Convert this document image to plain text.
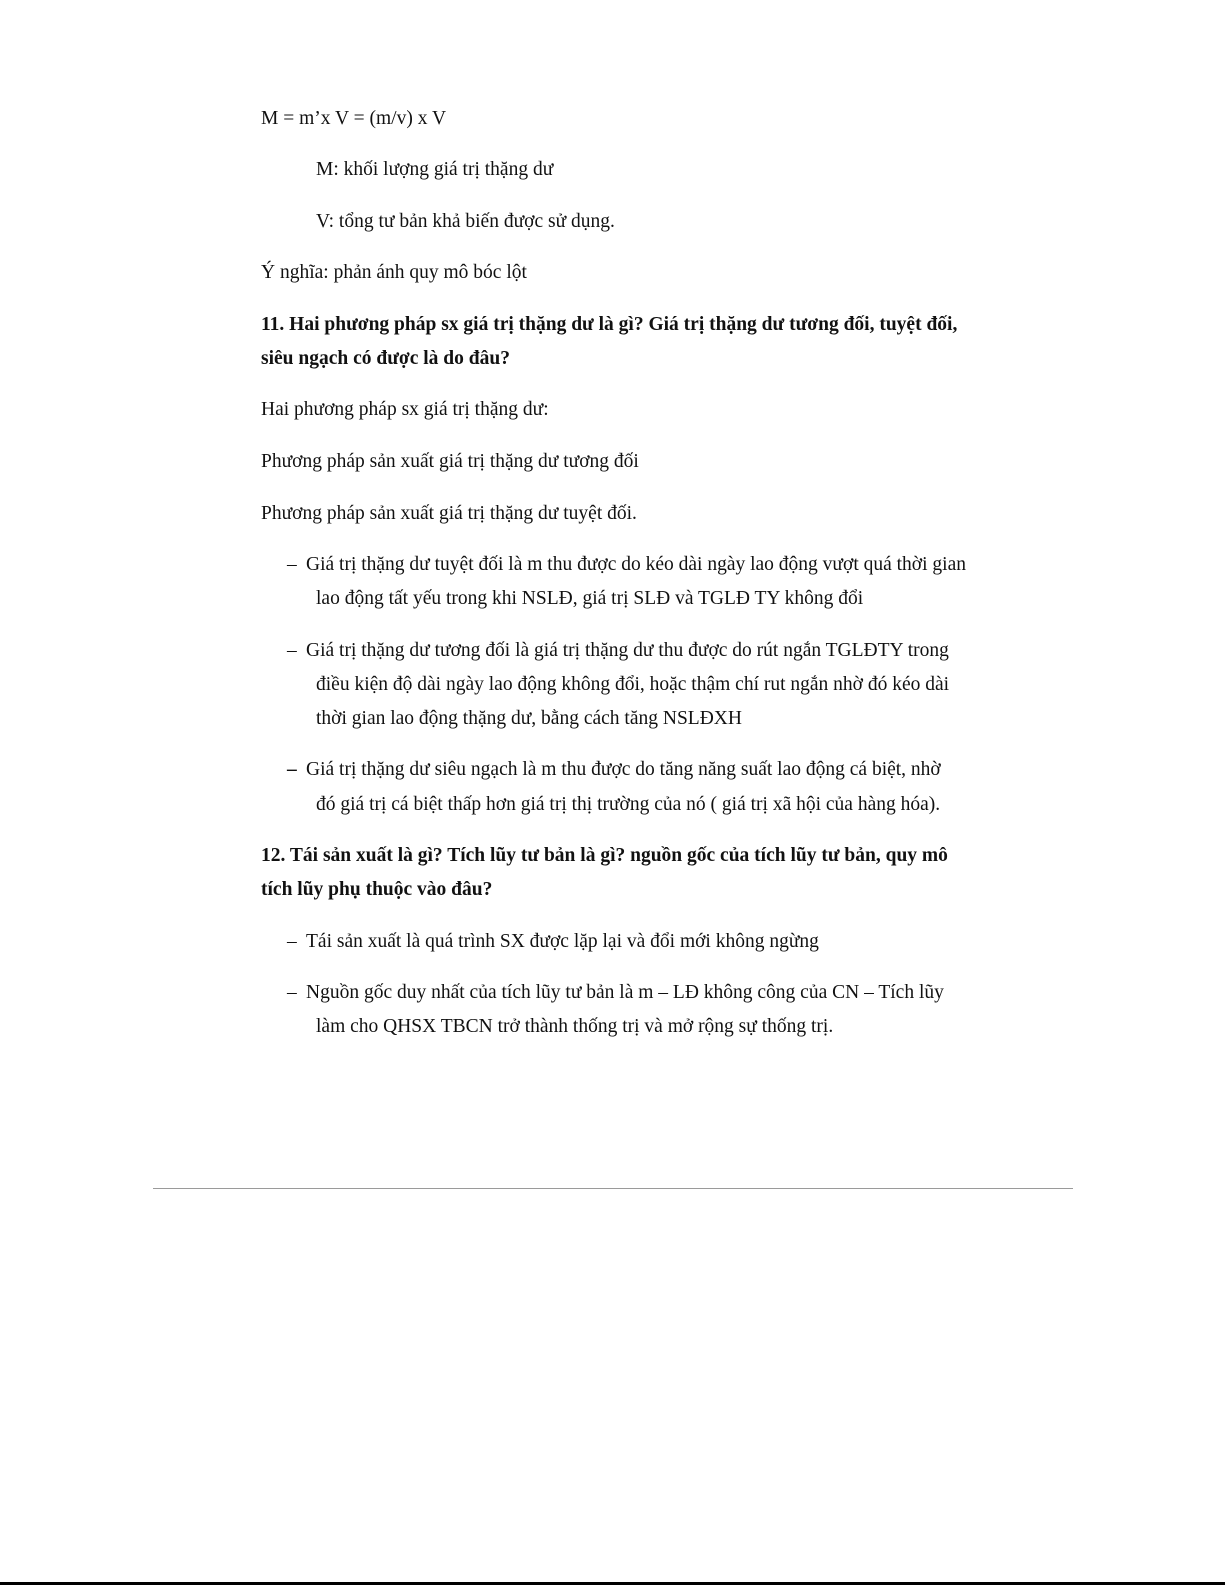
M = m’x V = (m/v) x V

M: khối lượng giá trị thặng dư

V: tổng tư bản khả biến được sử dụng.

Ý nghĩa: phản ánh quy mô bóc lột

11. Hai phương pháp sx giá trị thặng dư là gì? Giá trị thặng dư tương đối, tuyệt đối,

siêu ngạch có được là do đâu?

Hai phương pháp sx giá trị thặng dư:

Phương pháp sản xuất giá trị thặng dư tương đối

Phương pháp sản xuất giá trị thặng dư tuyệt đối.

– Giá trị thặng dư tuyệt đối là m thu được do kéo dài ngày lao động vượt quá thời gian

lao động tất yếu trong khi NSLĐ, giá trị SLĐ và TGLĐ TY không đổi

– Giá trị thặng dư tương đối là giá trị thặng dư thu được do rút ngắn TGLĐTY trong

điều kiện độ dài ngày lao động không đổi, hoặc thậm chí rut ngắn nhờ đó kéo dài

thời gian lao động thặng dư, bằng cách tăng NSLĐXH

– Giá trị thặng dư siêu ngạch là m thu được do tăng năng suất lao động cá biệt, nhờ

đó giá trị cá biệt thấp hơn giá trị thị trường của nó ( giá trị xã hội của hàng hóa).

12. Tái sản xuất là gì? Tích lũy tư bản là gì? nguồn gốc của tích lũy tư bản, quy mô

tích lũy phụ thuộc vào đâu?

– Tái sản xuất là quá trình SX được lặp lại và đổi mới không ngừng

– Nguồn gốc duy nhất của tích lũy tư bản là m – LĐ không công của CN – Tích lũy

làm cho QHSX TBCN trở thành thống trị và mở rộng sự thống trị.
